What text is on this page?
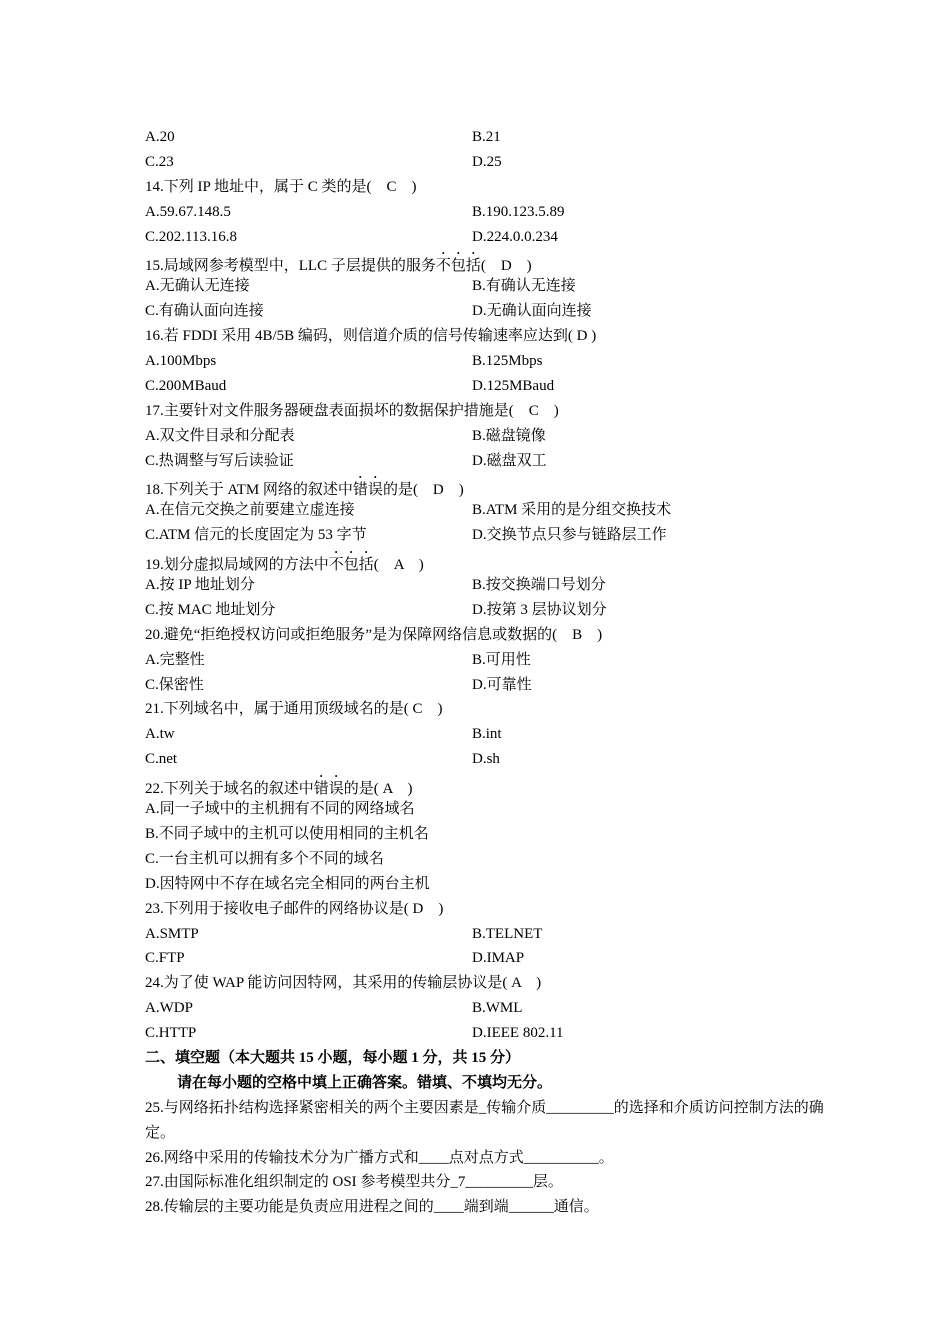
A.20	B.21
C.23	D.25
14.下列 IP 地址中，属于 C 类的是(　C　)
A.59.67.148.5	B.190.123.5.89
C.202.113.16.8	D.224.0.0.234
15.局域网参考模型中，LLC 子层提供的服务不包括(　D　)
A.无确认无连接	B.有确认无连接
C.有确认面向连接	D.无确认面向连接
16.若 FDDI 采用 4B/5B 编码，则信道介质的信号传输速率应达到( D )
A.100Mbps	B.125Mbps
C.200MBaud	D.125MBaud
17.主要针对文件服务器硬盘表面损坏的数据保护措施是(　C　)
A.双文件目录和分配表	B.磁盘镜像
C.热调整与写后读验证	D.磁盘双工
18.下列关于 ATM 网络的叙述中错误的是(　D　)
A.在信元交换之前要建立虚连接	B.ATM 采用的是分组交换技术
C.ATM 信元的长度固定为 53 字节	D.交换节点只参与链路层工作
19.划分虚拟局域网的方法中不包括(　A　)
A.按 IP 地址划分	B.按交换端口号划分
C.按 MAC 地址划分	D.按第 3 层协议划分
20.避免“拒绝授权访问或拒绝服务”是为保障网络信息或数据的(　B　)
A.完整性	B.可用性
C.保密性	D.可靠性
21.下列域名中，属于通用顶级域名的是( C　)
A.tw	B.int
C.net	D.sh
22.下列关于域名的叙述中错误的是( A　)
A.同一子域中的主机拥有不同的网络域名
B.不同子域中的主机可以使用相同的主机名
C.一台主机可以拥有多个不同的域名
D.因特网中不存在域名完全相同的两台主机
23.下列用于接收电子邮件的网络协议是( D　)
A.SMTP	B.TELNET
C.FTP	D.IMAP
24.为了使 WAP 能访问因特网，其采用的传输层协议是( A　)
A.WDP	B.WML
C.HTTP	D.IEEE 802.11
二、填空题（本大题共 15 小题，每小题 1 分，共 15 分）
请在每小题的空格中填上正确答案。错填、不填均无分。
25.与网络拓扑结构选择紧密相关的两个主要因素是_传输介质_________的选择和介质访问控制方法的确定。
26.网络中采用的传输技术分为广播方式和____点对点方式__________。
27.由国际标准化组织制定的 OSI 参考模型共分_7_________层。
28.传输层的主要功能是负责应用进程之间的____端到端______通信。
